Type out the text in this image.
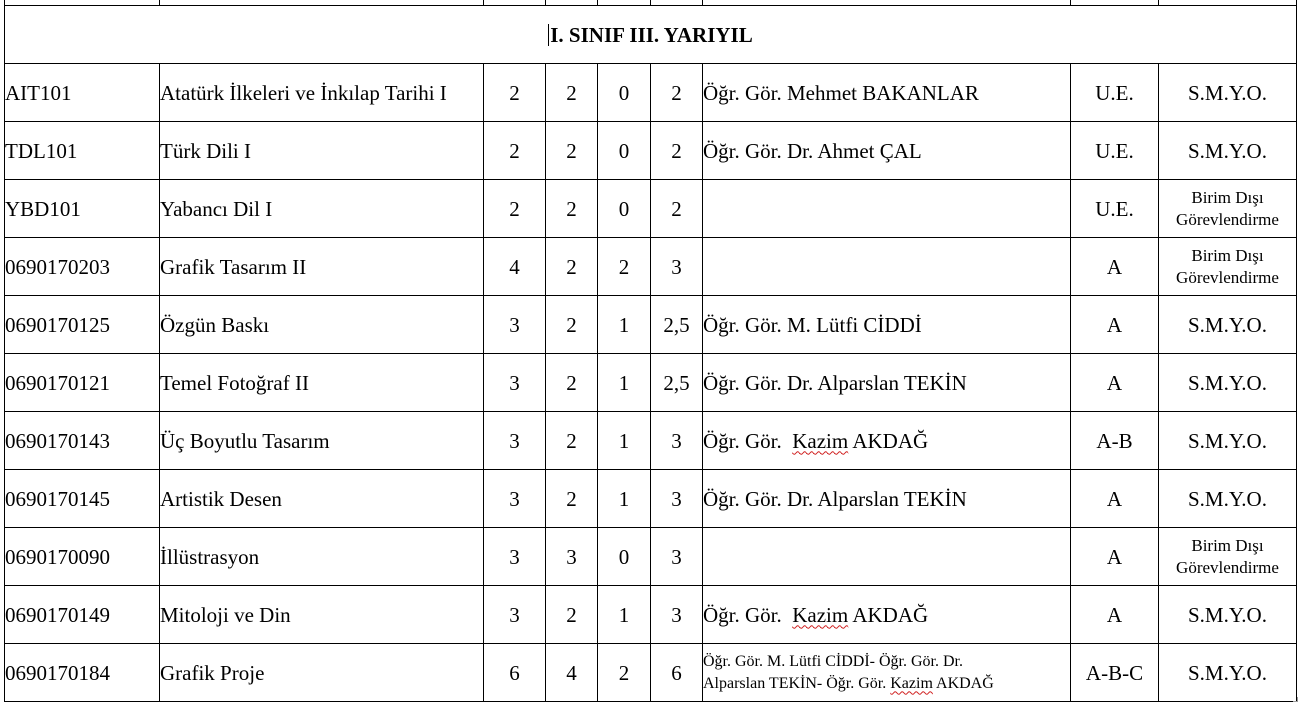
I. SINIF III. YARIYIL								
AIT101	Atatürk İlkeleri ve İnkılap Tarihi I	2	2	0	2	Öğr. Gör. Mehmet BAKANLAR	U.E.	S.M.Y.O.
TDL101	Türk Dili I	2	2	0	2	Öğr. Gör. Dr. Ahmet ÇAL	U.E.	S.M.Y.O.
YBD101	Yabancı Dil I	2	2	0	2		U.E.	Birim Dışı
Görevlendirme
0690170203	Grafik Tasarım II	4	2	2	3		A	Birim Dışı
Görevlendirme
0690170125	Özgün Baskı	3	2	1	2,5	Öğr. Gör. M. Lütfi CİDDİ	A	S.M.Y.O.
0690170121	Temel Fotoğraf II	3	2	1	2,5	Öğr. Gör. Dr. Alparslan TEKİN	A	S.M.Y.O.
0690170143	Üç Boyutlu Tasarım	3	2	1	3	Öğr. Gör.  Kazim AKDAĞ	A-B	S.M.Y.O.
0690170145	Artistik Desen	3	2	1	3	Öğr. Gör. Dr. Alparslan TEKİN	A	S.M.Y.O.
0690170090	İllüstrasyon	3	3	0	3		A	Birim Dışı
Görevlendirme
0690170149	Mitoloji ve Din	3	2	1	3	Öğr. Gör.  Kazim AKDAĞ	A	S.M.Y.O.
0690170184	Grafik Proje	6	4	2	6	Öğr. Gör. M. Lütfi CİDDİ- Öğr. Gör. Dr.
Alparslan TEKİN- Öğr. Gör. Kazim AKDAĞ	A-B-C	S.M.Y.O.
